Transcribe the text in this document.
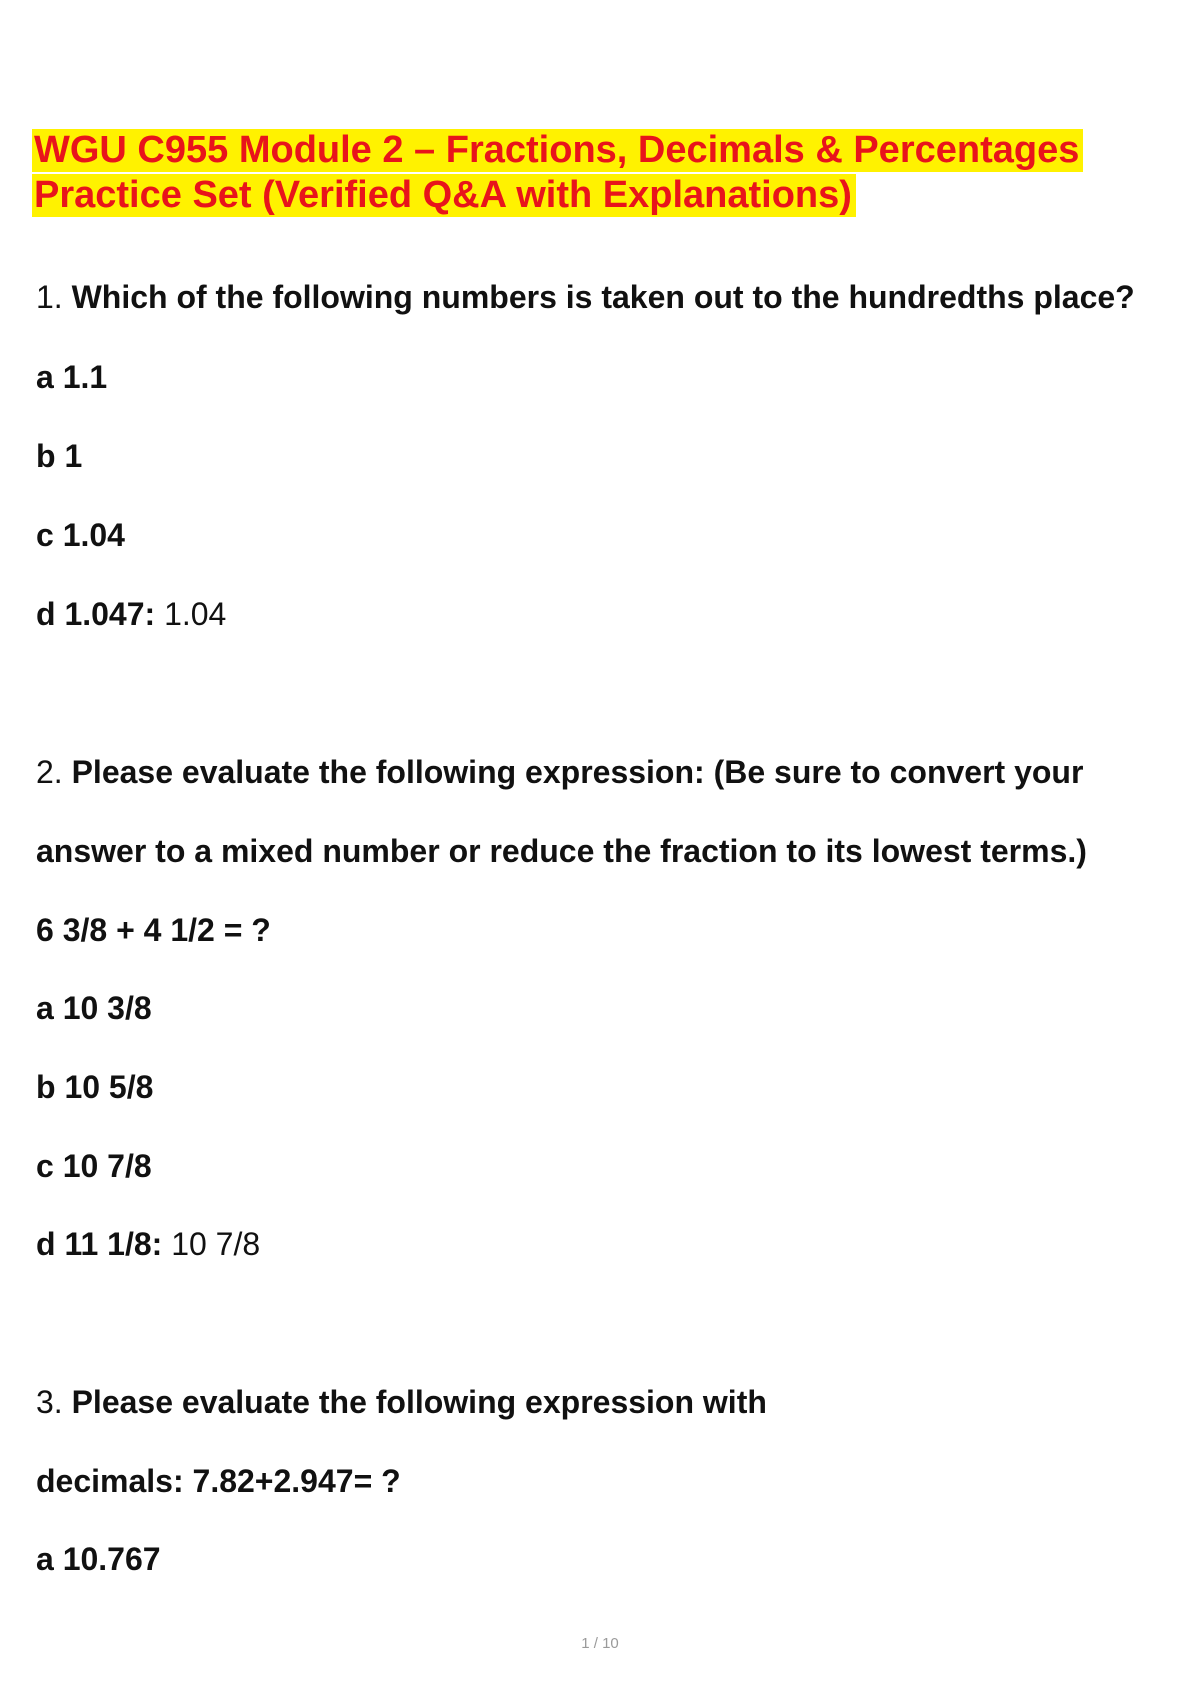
WGU C955 Module 2 – Fractions, Decimals & Percentages Practice Set (Verified Q&A with Explanations)
1. Which of the following numbers is taken out to the hundredths place?
a 1.1
b 1
c 1.04
d 1.047: 1.04
2. Please evaluate the following expression: (Be sure to convert your
answer to a mixed number or reduce the fraction to its lowest terms.)
6 3/8 + 4 1/2 = ?
a 10 3/8
b 10 5/8
c 10 7/8
d 11 1/8: 10 7/8
3. Please evaluate the following expression with
decimals: 7.82+2.947= ?
a 10.767
1 / 10
